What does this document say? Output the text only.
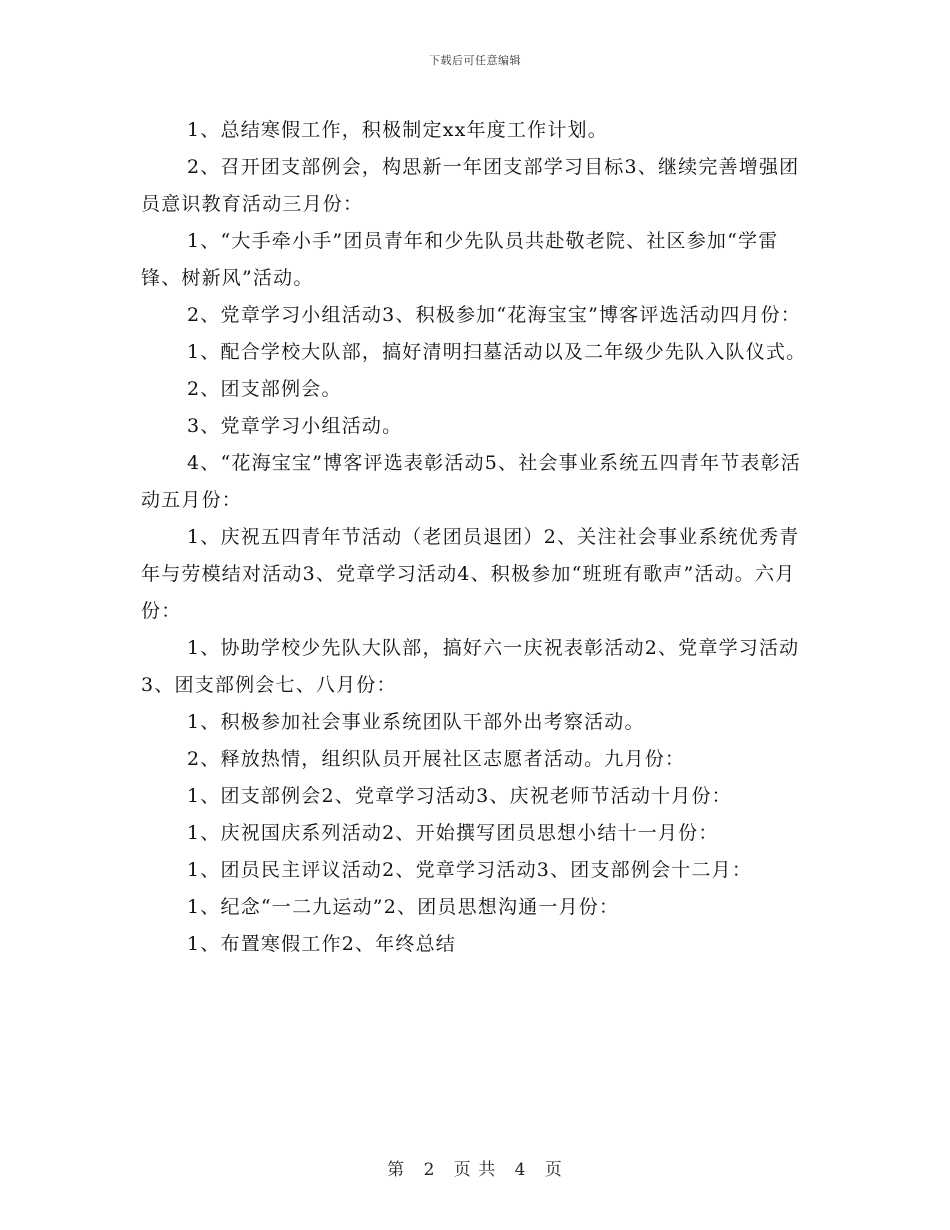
下载后可任意编辑

1、总结寒假工作，积极制定xx年度工作计划。

2、召开团支部例会，构思新一年团支部学习目标3、继续完善增强团员意识教育活动三月份：

1、“大手牵小手”团员青年和少先队员共赴敬老院、社区参加“学雷锋、树新风”活动。

2、党章学习小组活动3、积极参加“花海宝宝”博客评选活动四月份：

1、配合学校大队部，搞好清明扫墓活动以及二年级少先队入队仪式。

2、团支部例会。

3、党章学习小组活动。

4、“花海宝宝”博客评选表彰活动5、社会事业系统五四青年节表彰活动五月份：

1、庆祝五四青年节活动（老团员退团）2、关注社会事业系统优秀青年与劳模结对活动3、党章学习活动4、积极参加“班班有歌声”活动。六月份：

1、协助学校少先队大队部，搞好六一庆祝表彰活动2、党章学习活动3、团支部例会七、八月份：

1、积极参加社会事业系统团队干部外出考察活动。

2、释放热情，组织队员开展社区志愿者活动。九月份：

1、团支部例会2、党章学习活动3、庆祝老师节活动十月份：

1、庆祝国庆系列活动2、开始撰写团员思想小结十一月份：

1、团员民主评议活动2、党章学习活动3、团支部例会十二月：

1、纪念“一二九运动”2、团员思想沟通一月份：

1、布置寒假工作2、年终总结

第 2 页 共 4 页
